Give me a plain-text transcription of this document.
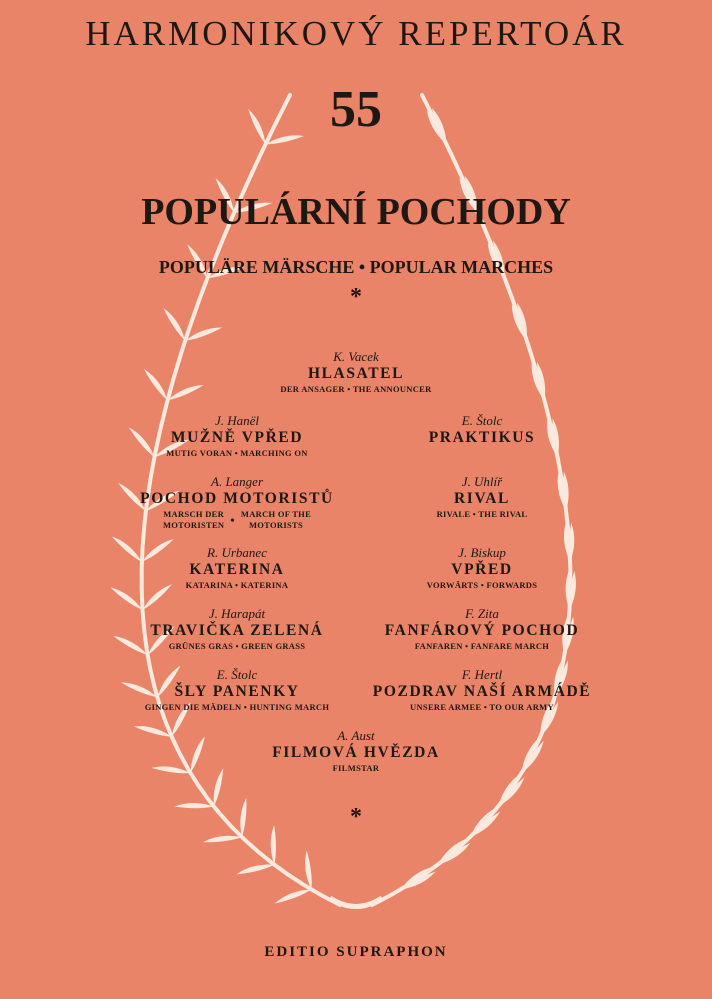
HARMONIKOVÝ REPERTOÁR
55
POPULÁRNÍ POCHODY
POPULÄRE MÄRSCHE • POPULAR MARCHES
*
K. Vacek
HLASATEL
DER ANSAGER • THE ANNOUNCER
J. Hanël
MUŽNĚ VPŘED
MUTIG VORAN • MARCHING ON
E. Štolc
PRAKTIKUS
A. Langer
POCHOD MOTORISTŮ
MARSCH DER
MOTORISTEN • MARCH OF THE
MOTORISTS
J. Uhlíř
RIVAL
RIVALE • THE RIVAL
R. Urbanec
KATERINA
KATARINA • KATERINA
J. Biskup
VPŘED
VORWÄRTS • FORWARDS
J. Harapát
TRAVIČKA ZELENÁ
GRÜNES GRAS • GREEN GRASS
F. Zita
FANFÁROVÝ POCHOD
FANFAREN • FANFARE MARCH
E. Štolc
ŠLY PANENKY
GINGEN DIE MÄDELN • HUNTING MARCH
F. Hertl
POZDRAV NAŠÍ ARMÁDĚ
UNSERE ARMEE • TO OUR ARMY
A. Aust
FILMOVÁ HVĚZDA
FILMSTAR
*
EDITIO SUPRAPHON
